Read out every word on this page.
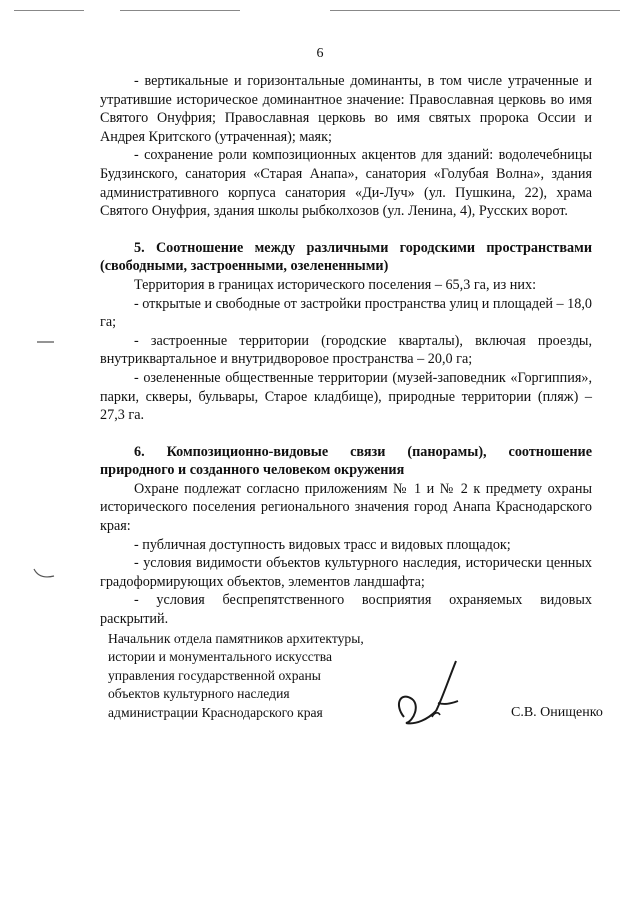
6

- вертикальные и горизонтальные доминанты, в том числе утраченные и утратившие историческое доминантное значение: Православная церковь во имя Святого Онуфрия; Православная церковь во имя святых пророка Оссии и Андрея Критского (утраченная); маяк;

- сохранение роли композиционных акцентов для зданий: водолечебницы Будзинского, санатория «Старая Анапа», санатория «Голубая Волна», здания административного корпуса санатория «Ди-Луч» (ул. Пушкина, 22), храма Святого Онуфрия, здания школы рыбколхозов (ул. Ленина, 4), Русских ворот.

5. Соотношение между различными городскими пространствами (свободными, застроенными, озелененными)

Территория в границах исторического поселения – 65,3 га, из них:

- открытые и свободные от застройки пространства улиц и площадей – 18,0 га;

- застроенные территории (городские кварталы), включая проезды, внутриквартальное и внутридворовое пространства – 20,0 га;

- озелененные общественные территории (музей-заповедник «Горгиппия», парки, скверы, бульвары, Старое кладбище), природные территории (пляж) – 27,3 га.

6. Композиционно-видовые связи (панорамы), соотношение природного и созданного человеком окружения

Охране подлежат согласно приложениям № 1 и № 2 к предмету охраны исторического поселения регионального значения город Анапа Краснодарского края:

- публичная доступность видовых трасс и видовых площадок;

- условия видимости объектов культурного наследия, исторически ценных градоформирующих объектов, элементов ландшафта;

- условия беспрепятственного восприятия охраняемых видовых раскрытий.

Начальник отдела памятников архитектуры,
истории и монументального искусства
управления государственной охраны
объектов культурного наследия
администрации Краснодарского края	С.В. Онищенко
